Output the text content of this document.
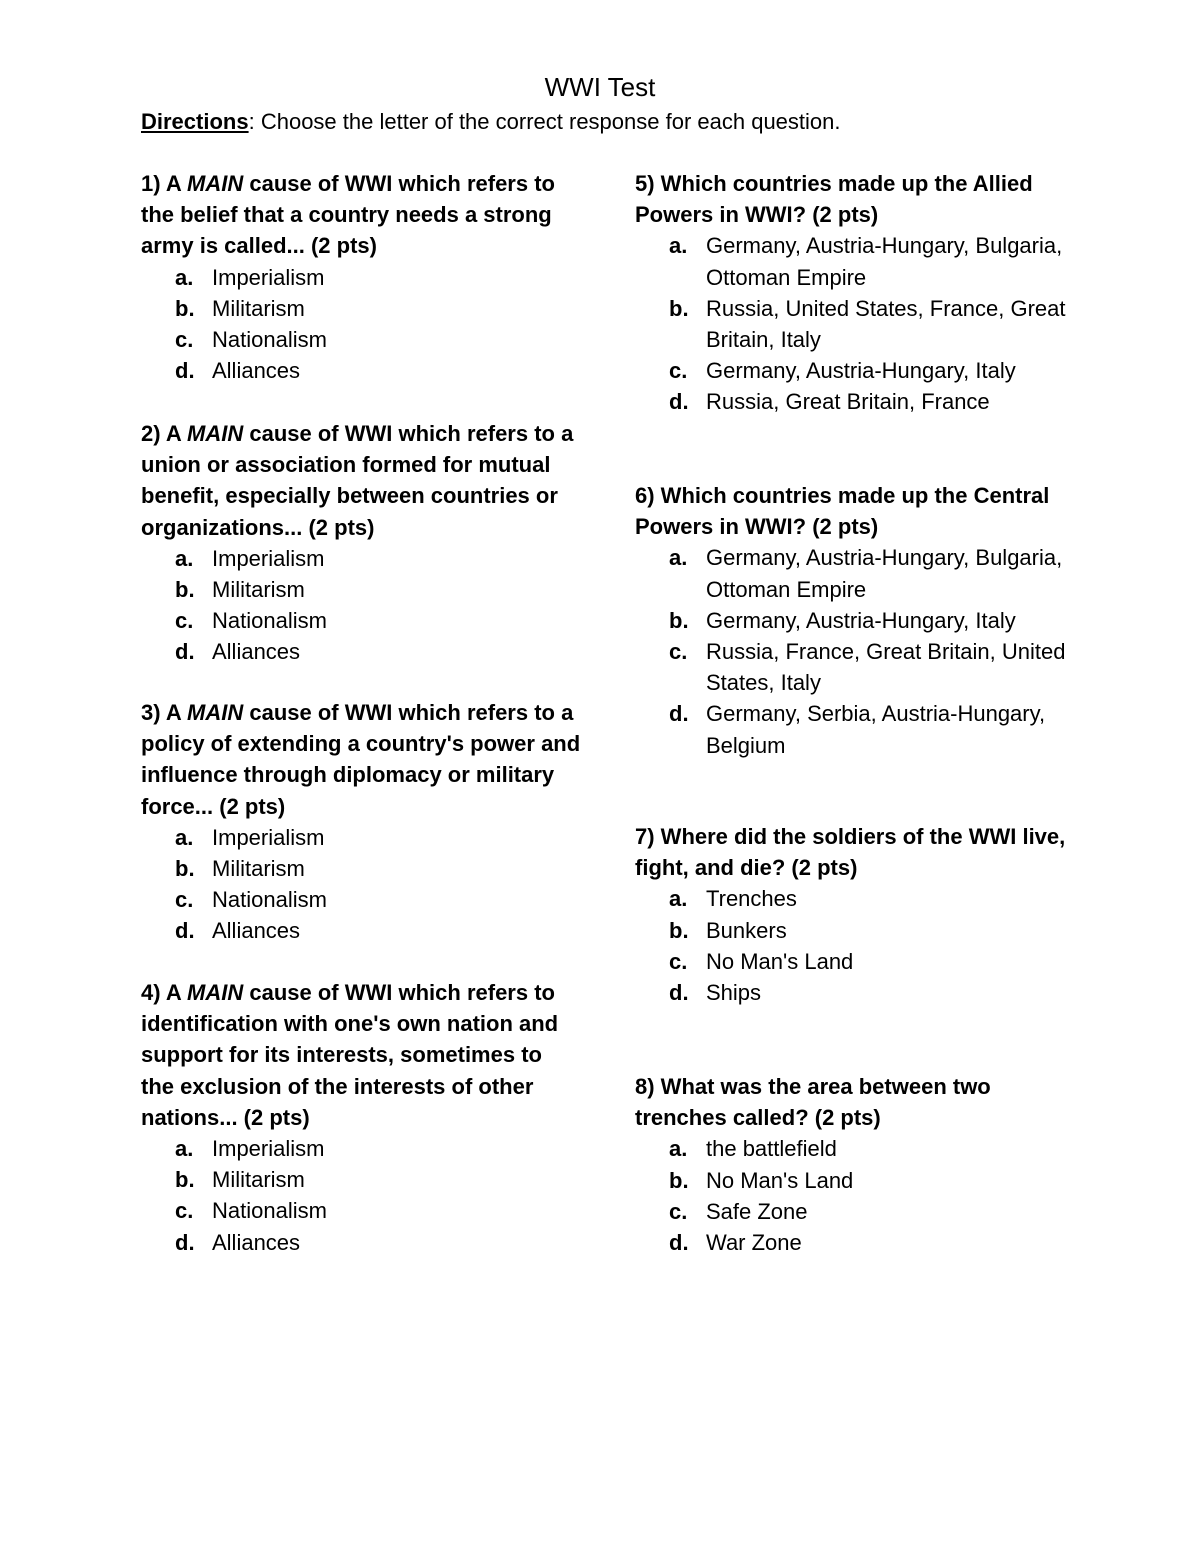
WWI Test
Directions: Choose the letter of the correct response for each question.
1) A MAIN cause of WWI which refers to the belief that a country needs a strong army is called... (2 pts)
a. Imperialism
b. Militarism
c. Nationalism
d. Alliances
2) A MAIN cause of WWI which refers to a union or association formed for mutual benefit, especially between countries or organizations... (2 pts)
a. Imperialism
b. Militarism
c. Nationalism
d. Alliances
3) A MAIN cause of WWI which refers to a policy of extending a country's power and influence through diplomacy or military force... (2 pts)
a. Imperialism
b. Militarism
c. Nationalism
d. Alliances
4) A MAIN cause of WWI which refers to identification with one's own nation and support for its interests, sometimes to the exclusion of the interests of other nations... (2 pts)
a. Imperialism
b. Militarism
c. Nationalism
d. Alliances
5) Which countries made up the Allied Powers in WWI? (2 pts)
a. Germany, Austria-Hungary, Bulgaria, Ottoman Empire
b. Russia, United States, France, Great Britain, Italy
c. Germany, Austria-Hungary, Italy
d. Russia, Great Britain, France
6) Which countries made up the Central Powers in WWI? (2 pts)
a. Germany, Austria-Hungary, Bulgaria, Ottoman Empire
b. Germany, Austria-Hungary, Italy
c. Russia, France, Great Britain, United States, Italy
d. Germany, Serbia, Austria-Hungary, Belgium
7) Where did the soldiers of the WWI live, fight, and die? (2 pts)
a. Trenches
b. Bunkers
c. No Man's Land
d. Ships
8) What was the area between two trenches called? (2 pts)
a. the battlefield
b. No Man's Land
c. Safe Zone
d. War Zone
